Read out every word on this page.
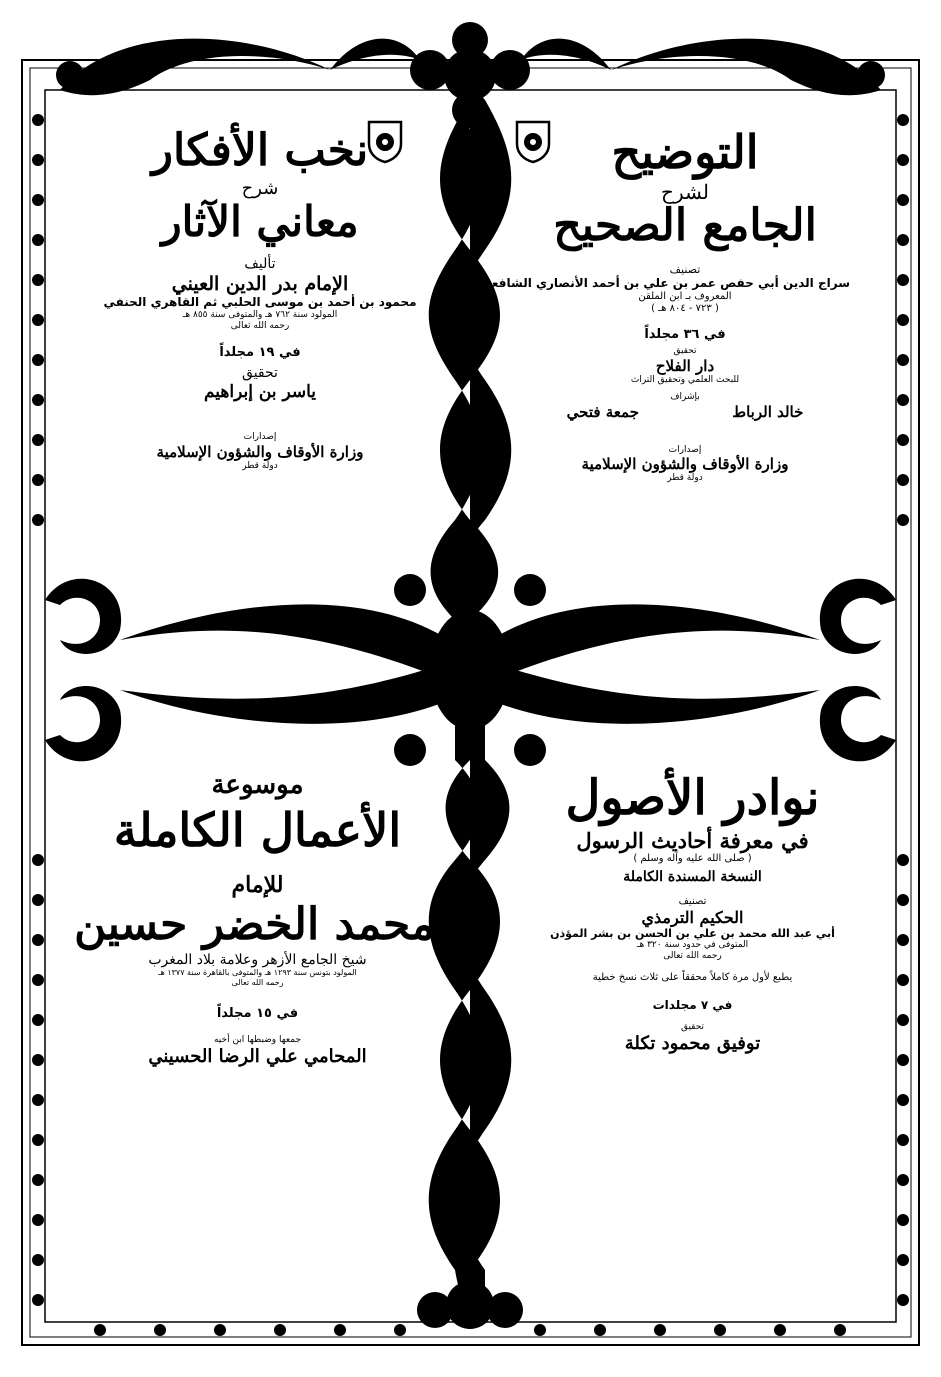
التوضيح
لشرح
الجامع الصحيح
تصنيف
سراج الدين أبي حفص عمر بن علي بن أحمد الأنصاري الشافعي
المعروف بـ ابن الملقن
( ٧٢٣ - ٨٠٤ هـ )
في ٣٦ مجلداً
تحقيق
دار الفلاح
للبحث العلمي وتحقيق التراث
بإشراف
خالد الرباط
جمعة فتحي
إصدارات
وزارة الأوقاف والشؤون الإسلامية
دولة قطر
نخب الأفكار
شرح
معاني الآثار
تأليف
الإمام بدر الدين العيني
محمود بن أحمد بن موسى الحلبي ثم القاهري الحنفي
المولود سنة ٧٦٢ هـ والمتوفى سنة ٨٥٥ هـ
رحمه الله تعالى
في ١٩ مجلداً
تحقيق
ياسر بن إبراهيم
إصدارات
وزارة الأوقاف والشؤون الإسلامية
دولة قطر
نوادر الأصول
في معرفة أحاديث الرسول
( صلى الله عليه وآله وسلم )
النسخة المسندة الكاملة
تصنيف
الحكيم الترمذي
أبي عبد الله محمد بن علي بن الحسن بن بشر المؤذن
المتوفى في حدود سنة ٣٢٠ هـ
رحمه الله تعالى
يطبع لأول مرة كاملاً محققاً على ثلاث نسخ خطية
في ٧ مجلدات
تحقيق
توفيق محمود تكلة
موسوعة
الأعمال الكاملة
للإمام
محمد الخضر حسين
شيخ الجامع الأزهر وعلامة بلاد المغرب
المولود بتونس سنة ١٢٩٣ هـ والمتوفى بالقاهرة سنة ١٣٧٧ هـ
رحمه الله تعالى
في ١٥ مجلداً
جمعها وضبطها ابن أخيه
المحامي علي الرضا الحسيني
